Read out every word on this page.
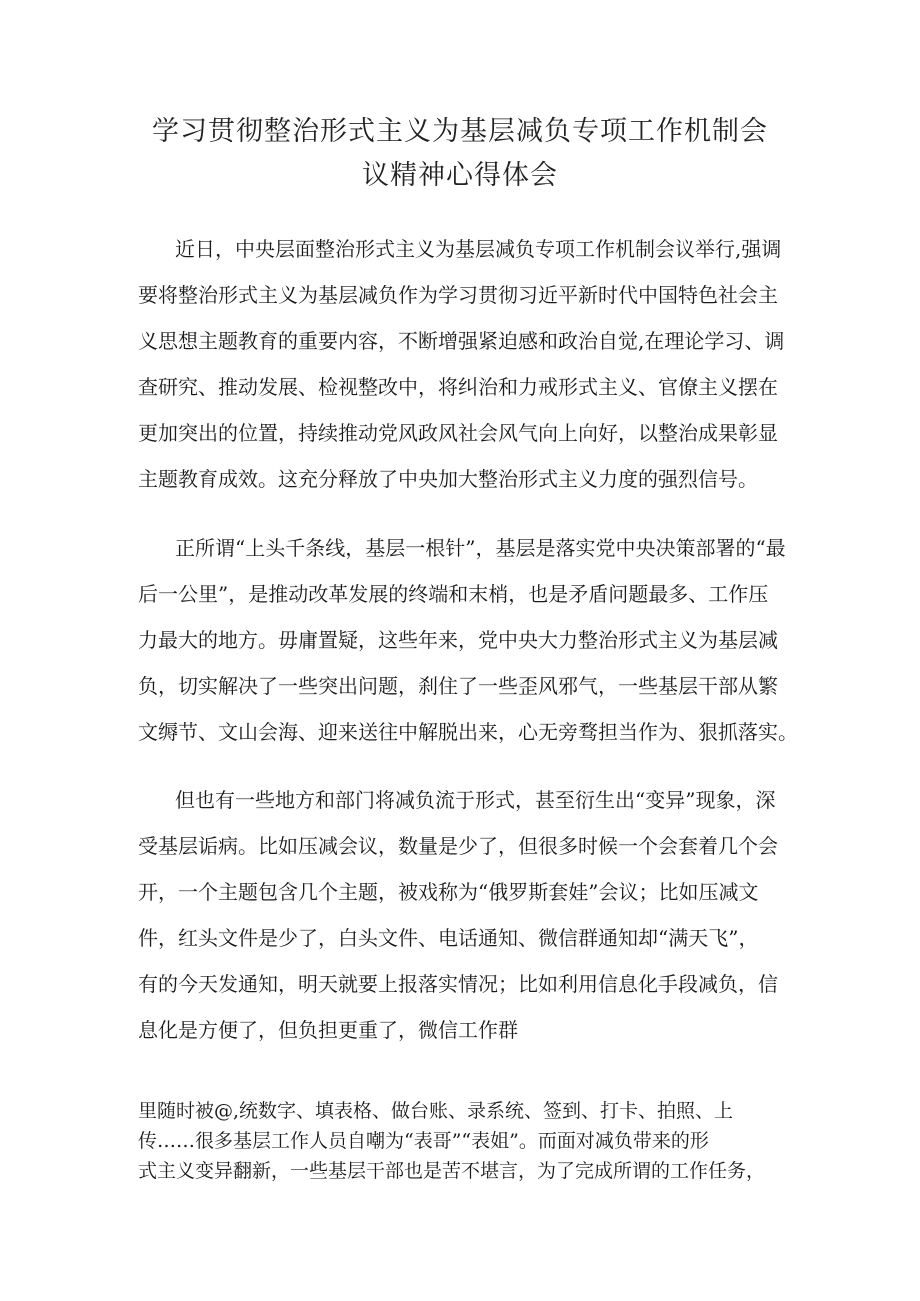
学习贯彻整治形式主义为基层减负专项工作机制会
议精神心得体会
近日，中央层面整治形式主义为基层减负专项工作机制会议举行,强调
要将整治形式主义为基层减负作为学习贯彻习近平新时代中国特色社会主
义思想主题教育的重要内容，不断增强紧迫感和政治自觉,在理论学习、调
查研究、推动发展、检视整改中，将纠治和力戒形式主义、官僚主义摆在
更加突出的位置，持续推动党风政风社会风气向上向好，以整治成果彰显
主题教育成效。这充分释放了中央加大整治形式主义力度的强烈信号。
正所谓“上头千条线，基层一根针”，基层是落实党中央决策部署的“最
后一公里”，是推动改革发展的终端和末梢，也是矛盾问题最多、工作压
力最大的地方。毋庸置疑，这些年来，党中央大力整治形式主义为基层减
负，切实解决了一些突出问题，刹住了一些歪风邪气，一些基层干部从繁
文缛节、文山会海、迎来送往中解脱出来，心无旁骛担当作为、狠抓落实。
但也有一些地方和部门将减负流于形式，甚至衍生出“变异”现象，深
受基层诟病。比如压减会议，数量是少了，但很多时候一个会套着几个会
开，一个主题包含几个主题，被戏称为“俄罗斯套娃”会议；比如压减文
件，红头文件是少了，白头文件、电话通知、微信群通知却“满天飞”，
有的今天发通知，明天就要上报落实情况；比如利用信息化手段减负，信
息化是方便了，但负担更重了，微信工作群
里随时被@,统数字、填表格、做台账、录系统、签到、打卡、拍照、上
传……很多基层工作人员自嘲为“表哥”“表姐”。而面对减负带来的形
式主义变异翻新，一些基层干部也是苦不堪言，为了完成所谓的工作任务，
